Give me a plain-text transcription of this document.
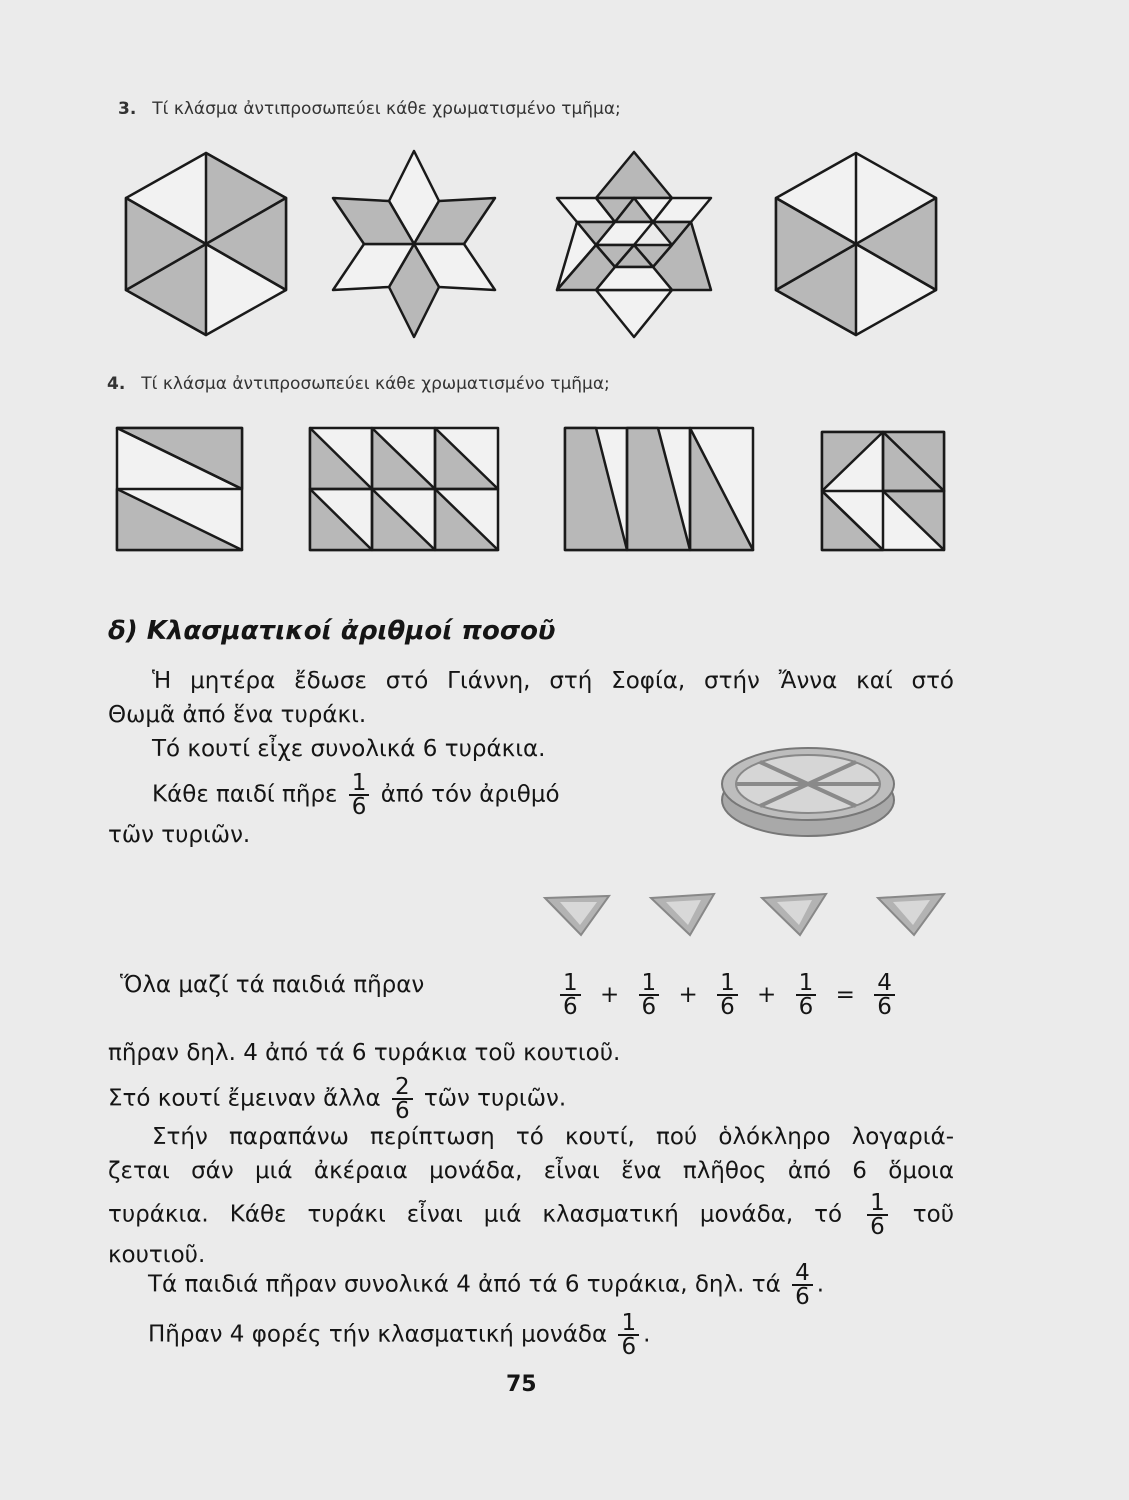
3. Τί κλάσμα ἀντιπροσωπεύει κάθε χρωματισμένο τμῆμα;
4. Τί κλάσμα ἀντιπροσωπεύει κάθε χρωματισμένο τμῆμα;
δ) Κλασματικοί ἀριθμοί ποσοῦ
Ἡ μητέρα ἔδωσε στό Γιάννη, στή Σοφία, στήν Ἄννα καί στό
Θωμᾶ ἀπό ἕνα τυράκι.
Τό κουτί εἶχε συνολικά 6 τυράκια.
Κάθε παιδί πῆρε $\frac{1}{6}$ ἀπό τόν ἀριθμό
τῶν τυριῶν.
Ὅλα μαζί τά παιδιά πῆραν	$\frac{1}{6} + \frac{1}{6} + \frac{1}{6} + \frac{1}{6} = \frac{4}{6}$
πῆραν δηλ. 4 ἀπό τά 6 τυράκια τοῦ κουτιοῦ.
Στό κουτί ἔμειναν ἄλλα $\frac{2}{6}$ τῶν τυριῶν.
Στήν παραπάνω περίπτωση τό κουτί, πού ὁλόκληρο λογαριά-
ζεται σάν μιά ἀκέραια μονάδα, εἶναι ἕνα πλῆθος ἀπό 6 ὅμοια
τυράκια. Κάθε τυράκι εἶναι μιά κλασματική μονάδα, τό $\frac{1}{6}$ τοῦ
κουτιοῦ.
Τά παιδιά πῆραν συνολικά 4 ἀπό τά 6 τυράκια, δηλ. τά $\frac{4}{6}$ .
Πῆραν 4 φορές τήν κλασματική μονάδα $\frac{1}{6}$ .
75
